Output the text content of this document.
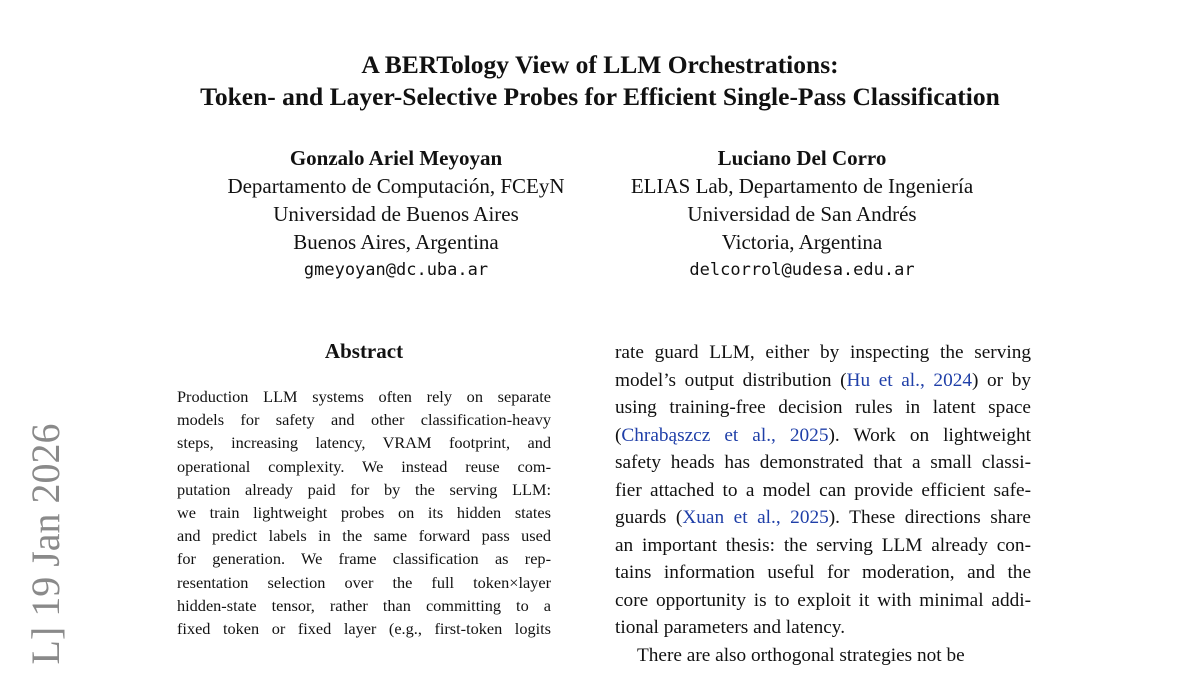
A BERTology View of LLM Orchestrations:
Token- and Layer-Selective Probes for Efficient Single-Pass Classification
Gonzalo Ariel Meyoyan
Departamento de Computación, FCEyN
Universidad de Buenos Aires
Buenos Aires, Argentina
gmeyoyan@dc.uba.ar
Luciano Del Corro
ELIAS Lab, Departamento de Ingeniería
Universidad de San Andrés
Victoria, Argentina
delcorrol@udesa.edu.ar
L] 19 Jan 2026
Abstract
Production LLM systems often rely on separate
models for safety and other classification-heavy
steps, increasing latency, VRAM footprint, and
operational complexity. We instead reuse com-
putation already paid for by the serving LLM:
we train lightweight probes on its hidden states
and predict labels in the same forward pass used
for generation. We frame classification as rep-
resentation selection over the full token×layer
hidden-state tensor, rather than committing to a
fixed token or fixed layer (e.g., first-token logits
rate guard LLM, either by inspecting the serving
model’s output distribution (Hu et al., 2024) or by
using training-free decision rules in latent space
(Chrabąszcz et al., 2025). Work on lightweight
safety heads has demonstrated that a small classi-
fier attached to a model can provide efficient safe-
guards (Xuan et al., 2025). These directions share
an important thesis: the serving LLM already con-
tains information useful for moderation, and the
core opportunity is to exploit it with minimal addi-
tional parameters and latency.
There are also orthogonal strategies not be
